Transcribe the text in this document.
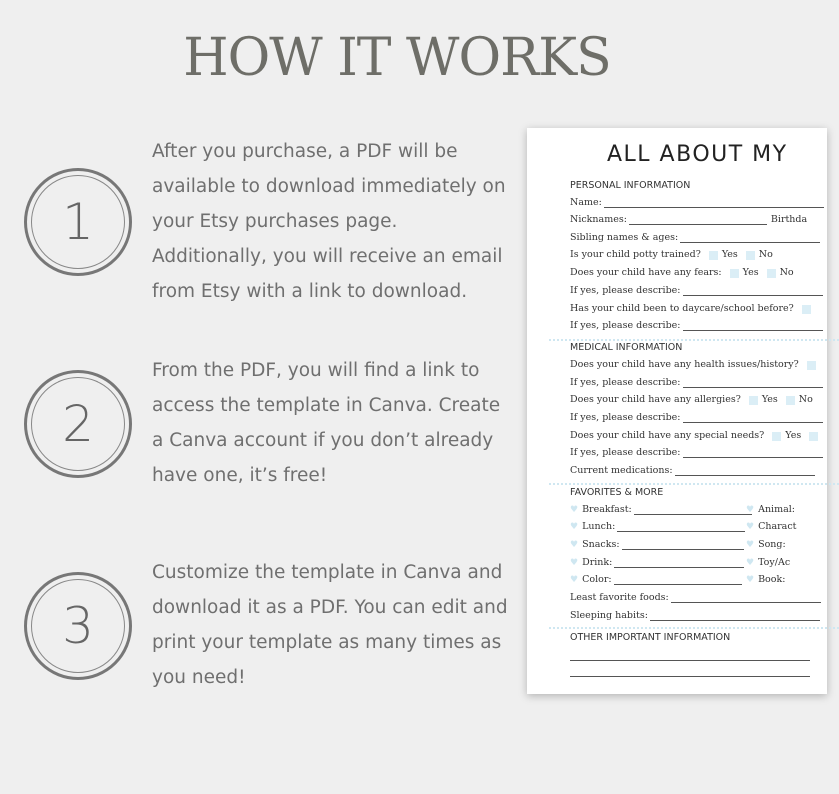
HOW IT WORKS
1

After you purchase, a PDF will be available to download immediately on your Etsy purchases page. Additionally, you will receive an email from Etsy with a link to download.

2

From the PDF, you will find a link to access the template in Canva. Create a Canva account if you don’t already have one, it’s free!

3

Customize the template in Canva and download it as a PDF. You can edit and print your template as many times as you need!

ALL ABOUT MY
PERSONAL INFORMATION
Name:
Nicknames:	Birthda
Sibling names & ages:
Is your child potty trained? Yes No
Does your child have any fears: Yes No
If yes, please describe:
Has your child been to daycare/school before?
If yes, please describe:
MEDICAL INFORMATION
Does your child have any health issues/history?
If yes, please describe:
Does your child have any allergies? Yes No
If yes, please describe:
Does your child have any special needs? Yes
If yes, please describe:
Current medications:
FAVORITES & MORE
♥ Breakfast:
♥ Lunch:
♥ Snacks:
♥ Drink:
♥ Color:
♥ Animal:
♥ Charact
♥ Song:
♥ Toy/Ac
♥ Book:
Least favorite foods:
Sleeping habits:
OTHER IMPORTANT INFORMATION
